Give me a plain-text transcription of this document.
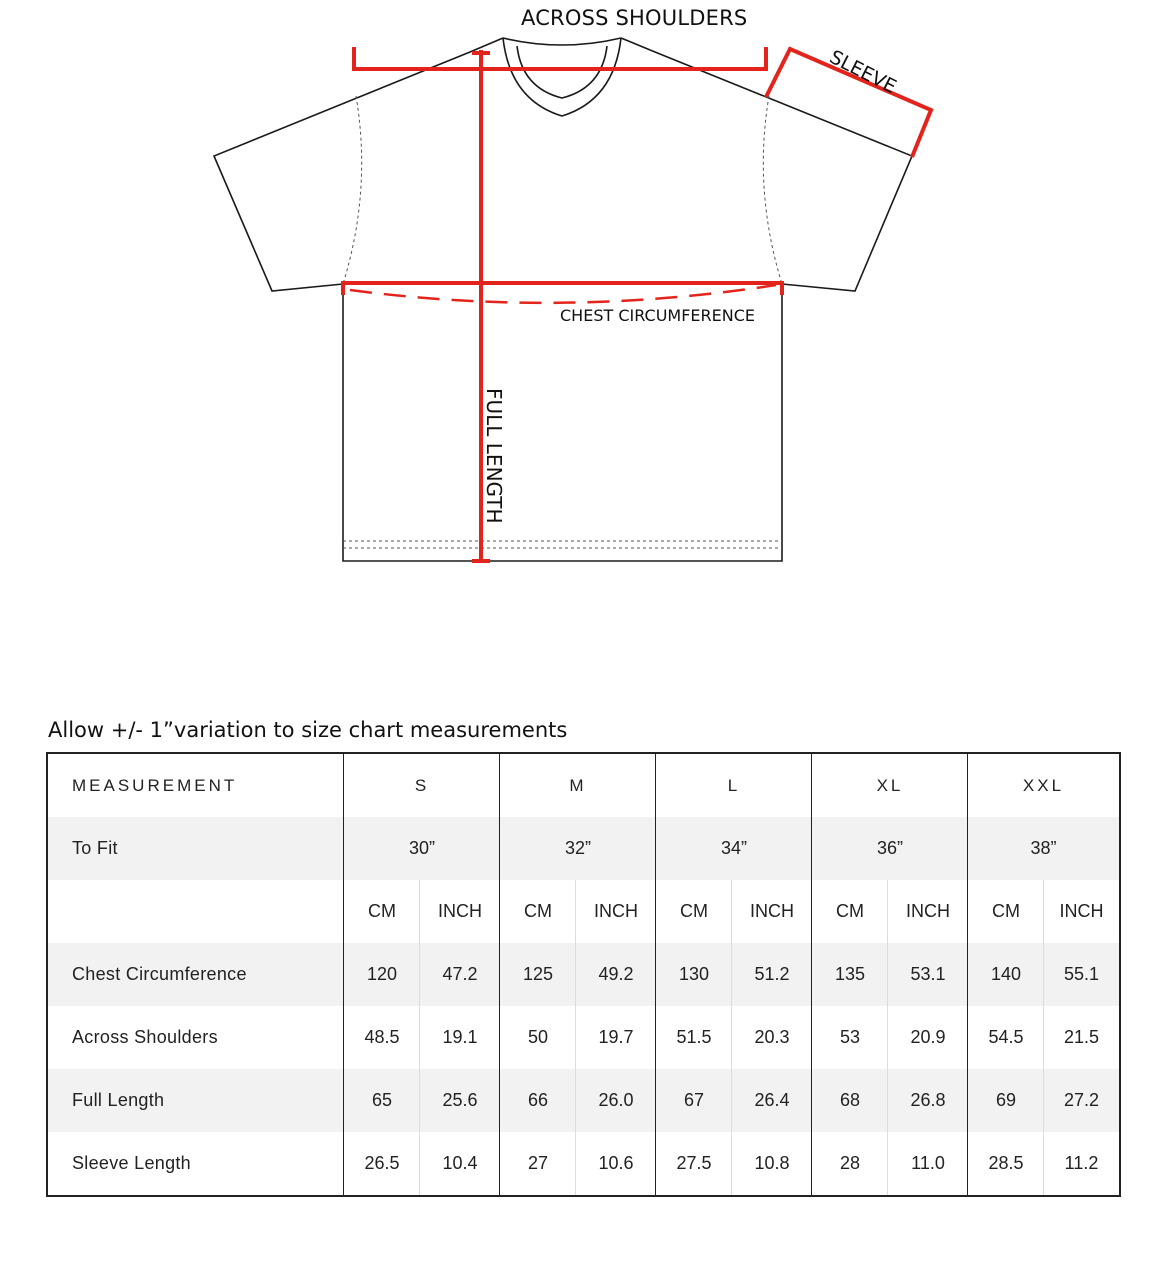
ACROSS SHOULDERS
SLEEVE
CHEST CIRCUMFERENCE
FULL LENGTH
Allow +/- 1”variation to size chart measurements
MEASUREMENT	S	M	L	XL	XXL
To Fit	30”	32”	34”	36”	38”
CM	INCH	CM	INCH	CM	INCH	CM	INCH	CM	INCH
Chest Circumference	120	47.2	125	49.2	130	51.2	135	53.1	140	55.1
Across Shoulders	48.5	19.1	50	19.7	51.5	20.3	53	20.9	54.5	21.5
Full Length	65	25.6	66	26.0	67	26.4	68	26.8	69	27.2
Sleeve Length	26.5	10.4	27	10.6	27.5	10.8	28	11.0	28.5	11.2
